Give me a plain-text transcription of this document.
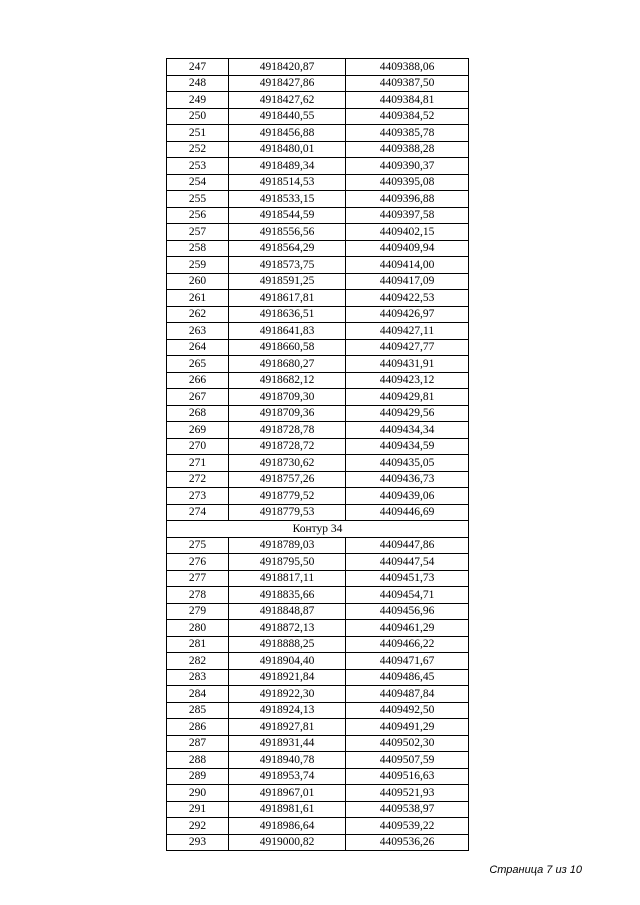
247	4918420,87	4409388,06
248	4918427,86	4409387,50
249	4918427,62	4409384,81
250	4918440,55	4409384,52
251	4918456,88	4409385,78
252	4918480,01	4409388,28
253	4918489,34	4409390,37
254	4918514,53	4409395,08
255	4918533,15	4409396,88
256	4918544,59	4409397,58
257	4918556,56	4409402,15
258	4918564,29	4409409,94
259	4918573,75	4409414,00
260	4918591,25	4409417,09
261	4918617,81	4409422,53
262	4918636,51	4409426,97
263	4918641,83	4409427,11
264	4918660,58	4409427,77
265	4918680,27	4409431,91
266	4918682,12	4409423,12
267	4918709,30	4409429,81
268	4918709,36	4409429,56
269	4918728,78	4409434,34
270	4918728,72	4409434,59
271	4918730,62	4409435,05
272	4918757,26	4409436,73
273	4918779,52	4409439,06
274	4918779,53	4409446,69
Контур 34		
275	4918789,03	4409447,86
276	4918795,50	4409447,54
277	4918817,11	4409451,73
278	4918835,66	4409454,71
279	4918848,87	4409456,96
280	4918872,13	4409461,29
281	4918888,25	4409466,22
282	4918904,40	4409471,67
283	4918921,84	4409486,45
284	4918922,30	4409487,84
285	4918924,13	4409492,50
286	4918927,81	4409491,29
287	4918931,44	4409502,30
288	4918940,78	4409507,59
289	4918953,74	4409516,63
290	4918967,01	4409521,93
291	4918981,61	4409538,97
292	4918986,64	4409539,22
293	4919000,82	4409536,26
Страница 7 из 10
